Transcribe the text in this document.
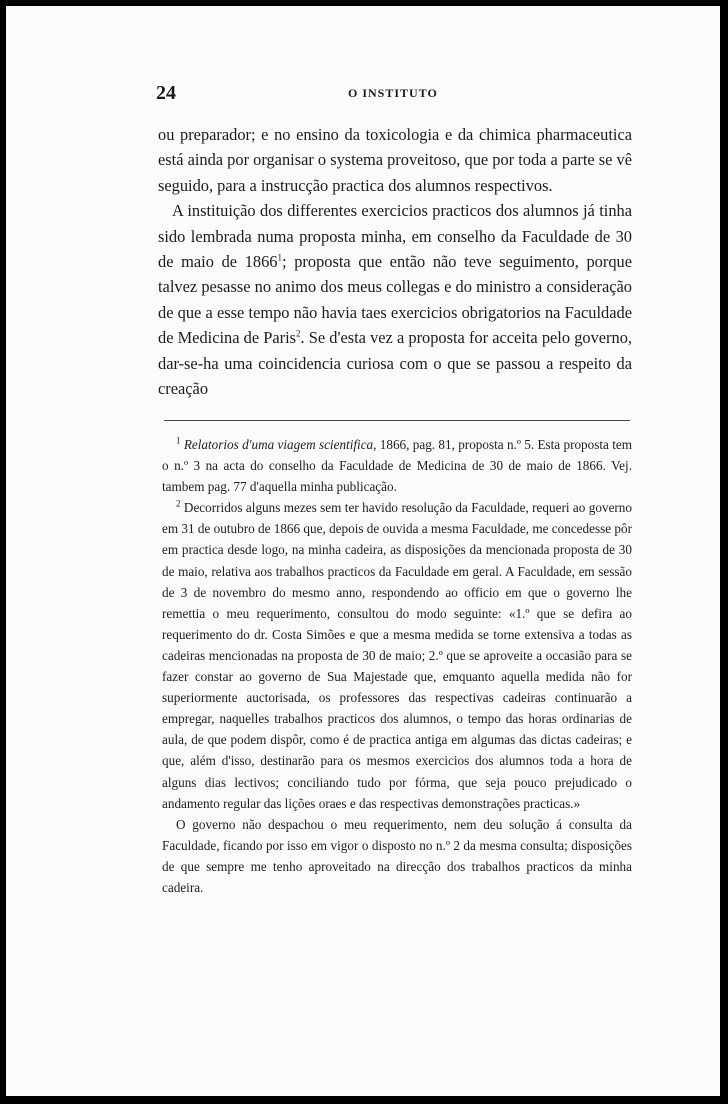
24	O INSTITUTO

ou preparador; e no ensino da toxicologia e da chimica pharmaceutica está ainda por organisar o systema proveitoso, que por toda a parte se vê seguido, para a instrucção practica dos alumnos respectivos.

A instituição dos differentes exercicios practicos dos alumnos já tinha sido lembrada numa proposta minha, em conselho da Faculdade de 30 de maio de 1866$^1$; proposta que então não teve seguimento, porque talvez pesasse no animo dos meus collegas e do ministro a consideração de que a esse tempo não havia taes exercicios obrigatorios na Faculdade de Medicina de Paris$^2$. Se d'esta vez a proposta for acceita pelo governo, dar-se-ha uma coincidencia curiosa com o que se passou a respeito da creação

$^1$ Relatorios d'uma viagem scientifica, 1866, pag. 81, proposta n.º 5. Esta proposta tem o n.º 3 na acta do conselho da Faculdade de Medicina de 30 de maio de 1866. Vej. tambem pag. 77 d'aquella minha publicação.

$^2$ Decorridos alguns mezes sem ter havido resolução da Faculdade, requeri ao governo em 31 de outubro de 1866 que, depois de ouvida a mesma Faculdade, me concedesse pôr em practica desde logo, na minha cadeira, as disposições da mencionada proposta de 30 de maio, relativa aos trabalhos practicos da Faculdade em geral. A Faculdade, em sessão de 3 de novembro do mesmo anno, respondendo ao officio em que o governo lhe remettia o meu requerimento, consultou do modo seguinte: «1.º que se defira ao requerimento do dr. Costa Simões e que a mesma medida se torne extensiva a todas as cadeiras mencionadas na proposta de 30 de maio; 2.º que se aproveite a occasião para se fazer constar ao governo de Sua Majestade que, emquanto aquella medida não for superiormente auctorisada, os professores das respectivas cadeiras continuarão a empregar, naquelles trabalhos practicos dos alumnos, o tempo das horas ordinarias de aula, de que podem dispôr, como é de practica antiga em algumas das dictas cadeiras; e que, além d'isso, destinarão para os mesmos exercicios dos alumnos toda a hora de alguns dias lectivos; conciliando tudo por fórma, que seja pouco prejudicado o andamento regular das lições oraes e das respectivas demonstrações practicas.»

O governo não despachou o meu requerimento, nem deu solução á consulta da Faculdade, ficando por isso em vigor o disposto no n.º 2 da mesma consulta; disposições de que sempre me tenho aproveitado na direcção dos trabalhos practicos da minha cadeira.
